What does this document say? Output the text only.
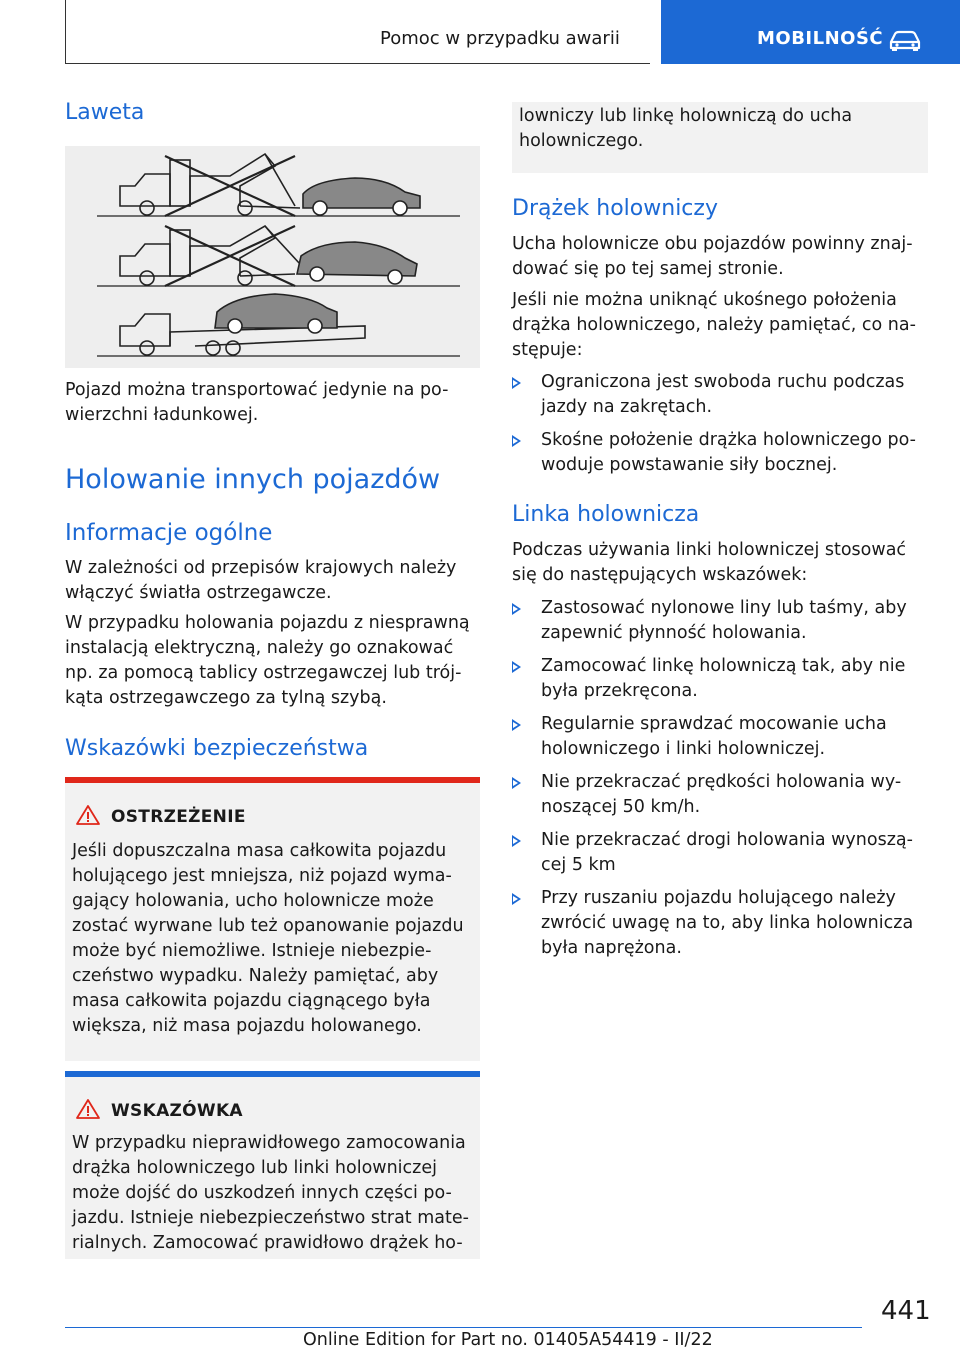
Pomoc w przypadku awarii	MOBILNOŚĆ
Laweta

Pojazd można transportować jedynie na po-wierzchni ładunkowej.

Holowanie innych pojazdów
Informacje ogólne

W zależności od przepisów krajowych należy włączyć światła ostrzegawcze.

W przypadku holowania pojazdu z niesprawną instalacją elektryczną, należy go oznakować np. za pomocą tablicy ostrzegawczej lub trój-kąta ostrzegawczego za tylną szybą.

Wskazówki bezpieczeństwa
OSTRZEŻENIE
Jeśli dopuszczalna masa całkowita pojazdu holującego jest mniejsza, niż pojazd wyma-gający holowania, ucho holownicze może zostać wyrwane lub też opanowanie pojazdu może być niemożliwe. Istnieje niebezpie-czeństwo wypadku. Należy pamiętać, aby masa całkowita pojazdu ciągnącego była większa, niż masa pojazdu holowanego.
WSKAZÓWKA
W przypadku nieprawidłowego zamocowania drążka holowniczego lub linki holowniczej może dojść do uszkodzeń innych części po-jazdu. Istnieje niebezpieczeństwo strat mate-rialnych. Zamocować prawidłowo drążek ho-

lowniczy lub linkę holowniczą do ucha holowniczego.

Drążek holowniczy

Ucha holownicze obu pojazdów powinny znaj-dować się po tej samej stronie.

Jeśli nie można uniknąć ukośnego położenia drążka holowniczego, należy pamiętać, co na-stępuje:

Ograniczona jest swoboda ruchu podczas jazdy na zakrętach.
Skośne położenie drążka holowniczego po-woduje powstawanie siły bocznej.
Linka holownicza

Podczas używania linki holowniczej stosować się do następujących wskazówek:

Zastosować nylonowe liny lub taśmy, aby zapewnić płynność holowania.
Zamocować linkę holowniczą tak, aby nie była przekręcona.
Regularnie sprawdzać mocowanie ucha holowniczego i linki holowniczej.
Nie przekraczać prędkości holowania wy-noszącej 50 km/h.
Nie przekraczać drogi holowania wynoszą-cej 5 km
Przy ruszaniu pojazdu holującego należy zwrócić uwagę na to, aby linka holownicza była naprężona.
441
Online Edition for Part no. 01405A54419 - II/22
